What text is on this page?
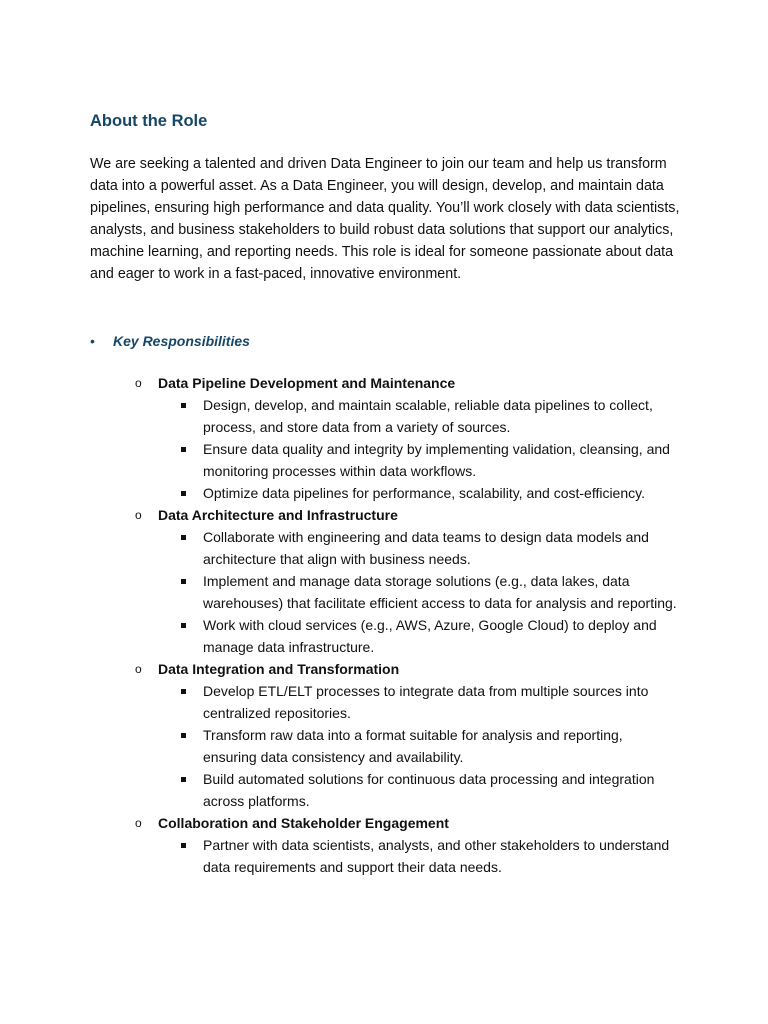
About the Role

We are seeking a talented and driven Data Engineer to join our team and help us transform data into a powerful asset. As a Data Engineer, you will design, develop, and maintain data pipelines, ensuring high performance and data quality. You’ll work closely with data scientists, analysts, and business stakeholders to build robust data solutions that support our analytics, machine learning, and reporting needs. This role is ideal for someone passionate about data and eager to work in a fast-paced, innovative environment.

• Key Responsibilities
o Data Pipeline Development and Maintenance
Design, develop, and maintain scalable, reliable data pipelines to collect, process, and store data from a variety of sources.
Ensure data quality and integrity by implementing validation, cleansing, and monitoring processes within data workflows.
Optimize data pipelines for performance, scalability, and cost-efficiency.
o Data Architecture and Infrastructure
Collaborate with engineering and data teams to design data models and architecture that align with business needs.
Implement and manage data storage solutions (e.g., data lakes, data warehouses) that facilitate efficient access to data for analysis and reporting.
Work with cloud services (e.g., AWS, Azure, Google Cloud) to deploy and manage data infrastructure.
o Data Integration and Transformation
Develop ETL/ELT processes to integrate data from multiple sources into centralized repositories.
Transform raw data into a format suitable for analysis and reporting, ensuring data consistency and availability.
Build automated solutions for continuous data processing and integration across platforms.
o Collaboration and Stakeholder Engagement
Partner with data scientists, analysts, and other stakeholders to understand data requirements and support their data needs.
